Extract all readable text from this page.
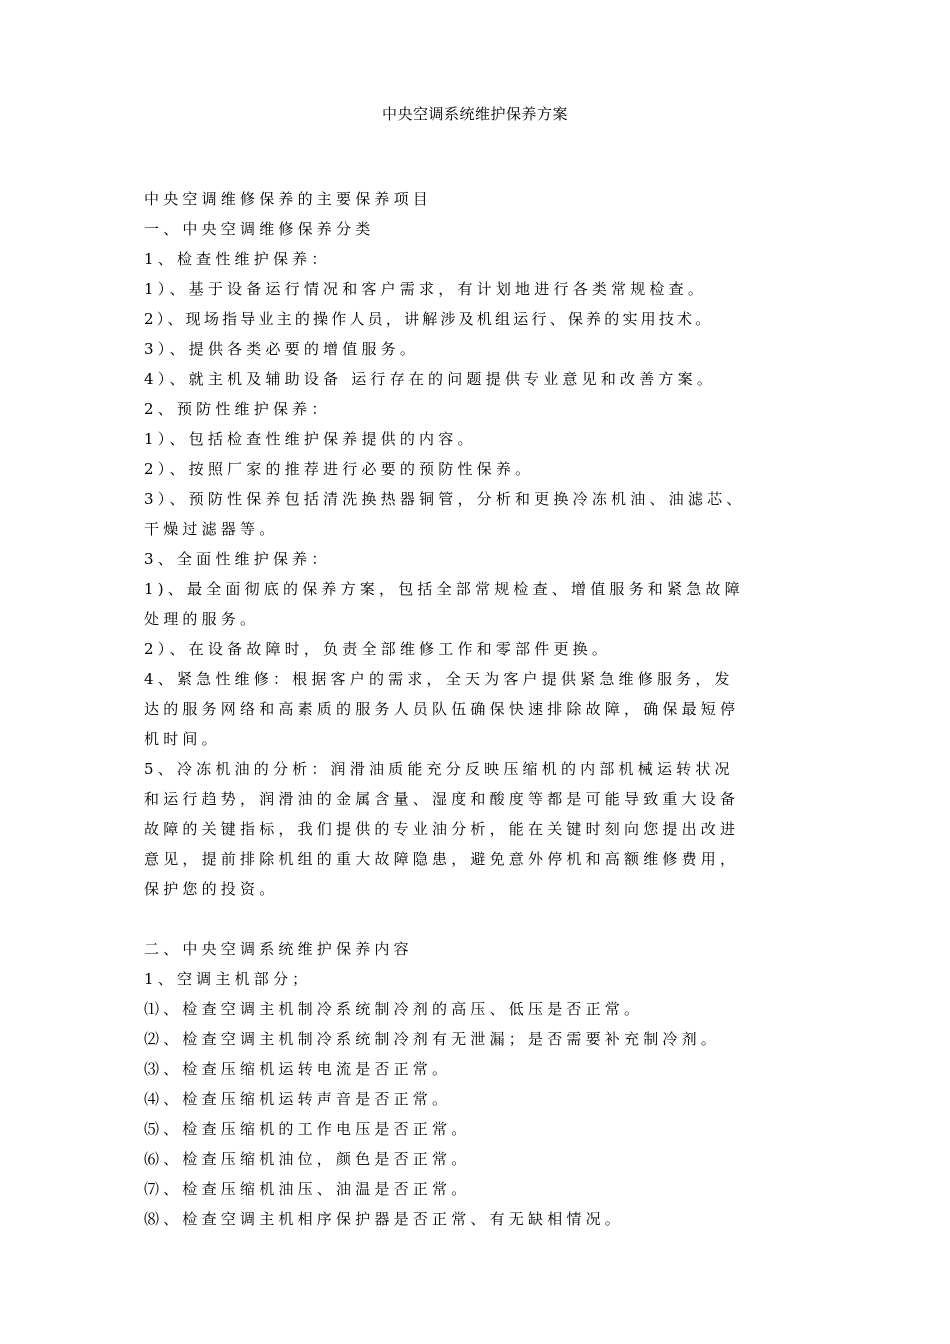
中央空调系统维护保养方案

中央空调维修保养的主要保养项目

一、中央空调维修保养分类

1、检查性维护保养：

1）、基于设备运行情况和客户需求，有计划地进行各类常规检查。

2）、现场指导业主的操作人员，讲解涉及机组运行、保养的实用技术。

3）、提供各类必要的增值服务。

4）、就主机及辅助设备 运行存在的问题提供专业意见和改善方案。

2、预防性维护保养：

1）、包括检查性维护保养提供的内容。

2）、按照厂家的推荐进行必要的预防性保养。

3）、预防性保养包括清洗换热器铜管，分析和更换冷冻机油、油滤芯、

干燥过滤器等。

3、全面性维护保养：

1)、最全面彻底的保养方案，包括全部常规检查、增值服务和紧急故障

处理的服务。

2）、在设备故障时，负责全部维修工作和零部件更换。

4、紧急性维修：根据客户的需求，全天为客户提供紧急维修服务，发

达的服务网络和高素质的服务人员队伍确保快速排除故障，确保最短停

机时间。

5、冷冻机油的分析：润滑油质能充分反映压缩机的内部机械运转状况

和运行趋势，润滑油的金属含量、湿度和酸度等都是可能导致重大设备

故障的关键指标，我们提供的专业油分析，能在关键时刻向您提出改进

意见，提前排除机组的重大故障隐患，避免意外停机和高额维修费用，

保护您的投资。

二、中央空调系统维护保养内容

1、空调主机部分；

⑴、检查空调主机制冷系统制冷剂的高压、低压是否正常。

⑵、检查空调主机制冷系统制冷剂有无泄漏；是否需要补充制冷剂。

⑶、检查压缩机运转电流是否正常。

⑷、检查压缩机运转声音是否正常。

⑸、检查压缩机的工作电压是否正常。

⑹、检查压缩机油位，颜色是否正常。

⑺、检查压缩机油压、油温是否正常。

⑻、检查空调主机相序保护器是否正常、有无缺相情况。
